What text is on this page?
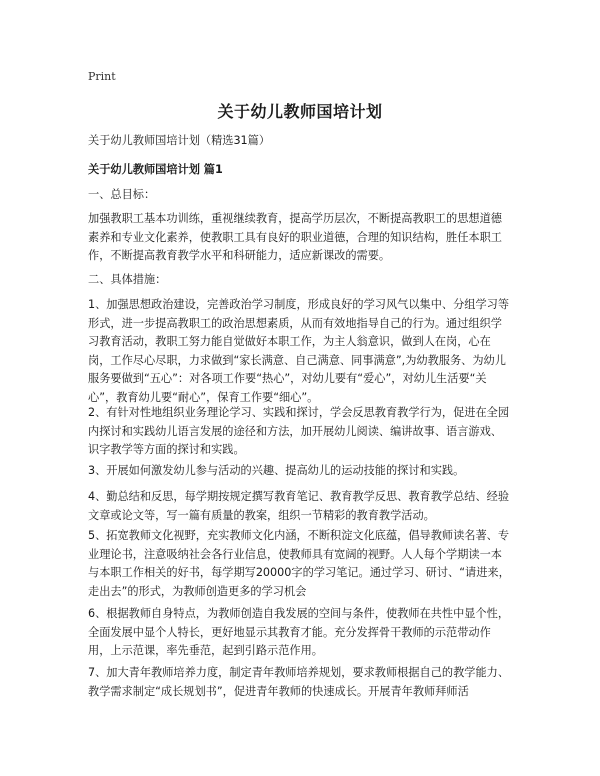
Print
关于幼儿教师国培计划

关于幼儿教师国培计划（精选31篇）

关于幼儿教师国培计划 篇1

一、总目标：

加强教职工基本功训练，重视继续教育，提高学历层次，不断提高教职工的思想道德素养和专业文化素养，使教职工具有良好的职业道德，合理的知识结构，胜任本职工作，不断提高教育教学水平和科研能力，适应新课改的需要。

二、具体措施：

1、加强思想政治建设，完善政治学习制度，形成良好的学习风气以集中、分组学习等形式，进一步提高教职工的政治思想素质，从而有效地指导自己的行为。通过组织学习教育活动，教职工努力能自觉做好本职工作，为主人翁意识，做到人在岗，心在岗，工作尽心尽职，力求做到“家长满意、自己满意、同事满意”,为幼教服务、为幼儿服务要做到“五心”：对各项工作要“热心”，对幼儿要有“爱心”，对幼儿生活要“关心”，教育幼儿要“耐心”，保育工作要“细心”。

2、有针对性地组织业务理论学习、实践和探讨，学会反思教育教学行为，促进在全园内探讨和实践幼儿语言发展的途径和方法，加开展幼儿阅读、编讲故事、语言游戏、识字教学等方面的探讨和实践。

3、开展如何激发幼儿参与活动的兴趣、提高幼儿的运动技能的探讨和实践。

4、勤总结和反思，每学期按规定撰写教育笔记、教育教学反思、教育教学总结、经验文章或论文等，写一篇有质量的教案，组织一节精彩的教育教学活动。

5、拓宽教师文化视野，充实教师文化内涵，不断积淀文化底蕴，倡导教师读名著、专业理论书，注意吸纳社会各行业信息，使教师具有宽阔的视野。人人每个学期读一本与本职工作相关的好书，每学期写20000字的学习笔记。通过学习、研讨、“请进来，走出去”的形式，为教师创造更多的学习机会

6、根据教师自身特点，为教师创造自我发展的空间与条件，使教师在共性中显个性，全面发展中显个人特长，更好地显示其教育才能。充分发挥骨干教师的示范带动作用，上示范课，率先垂范，起到引路示范作用。

7、加大青年教师培养力度，制定青年教师培养规划，要求教师根据自己的教学能力、教学需求制定“成长规划书”，促进青年教师的快速成长。开展青年教师拜师活
